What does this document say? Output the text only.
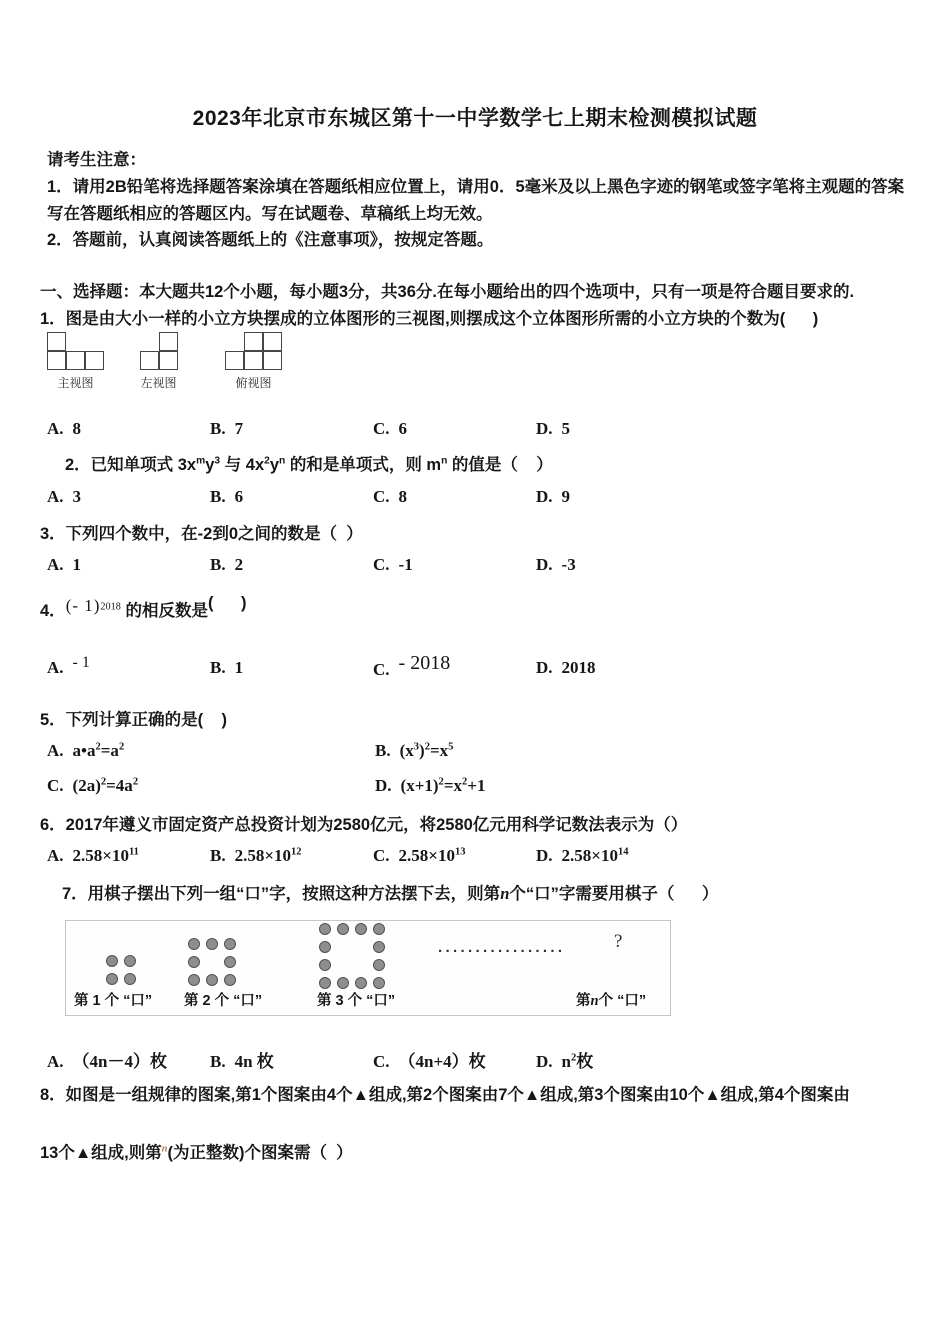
2023年北京市东城区第十一中学数学七上期末检测模拟试题
请考生注意：
1．请用2B铅笔将选择题答案涂填在答题纸相应位置上，请用0．5毫米及以上黑色字迹的钢笔或签字笔将主观题的答案写在答题纸相应的答题区内。写在试题卷、草稿纸上均无效。
2．答题前，认真阅读答题纸上的《注意事项》，按规定答题。
一、选择题：本大题共12个小题，每小题3分，共36分.在每小题给出的四个选项中，只有一项是符合题目要求的.
1．图是由大小一样的小立方块摆成的立体图形的三视图,则摆成这个立体图形所需的小立方块的个数为(      )
主视图	左视图	俯视图
A. 8	B. 7	C. 6	D. 5
2．已知单项式 $3x^my^3$ 与 $4x^2y^n$ 的和是单项式，则 $m^n$ 的值是（    ）
A. 3	B. 6	C. 8	D. 9
3．下列四个数中，在-2到0之间的数是（  ）
A. 1	B. 2	C. -1	D. -3
4．(- 1)$^{2018}$ 的相反数是(      )
A. - 1	B. 1	C. - 2018	D. 2018
5．下列计算正确的是(    )
A. $a•a^2=a^2$	B. $(x^3)^2=x^5$
C. $(2a)^2=4a^2$	D. $(x+1)^2=x^2+1$
6．2017年遵义市固定资产总投资计划为2580亿元，将2580亿元用科学记数法表示为（）
A. $2.58\times 10^{11}$	B. $2.58\times 10^{12}$	C. $2.58\times 10^{13}$	D. $2.58\times 10^{14}$
7．用棋子摆出下列一组“口”字，按照这种方法摆下去，则第n个“口”字需要用棋子（      ）
·················	?
第 1 个 “口” 第 2 个 “口”	第 3 个 “口”	第n个 “口”
A. （4n－4）枚	B. 4n 枚	C. （4n+4）枚	D. $n^2$枚
8．如图是一组规律的图案,第1个图案由4个▲组成,第2个图案由7个▲组成,第3个图案由10个▲组成,第4个图案由
13个▲组成,则第$^n$(为正整数)个图案需（  ）
